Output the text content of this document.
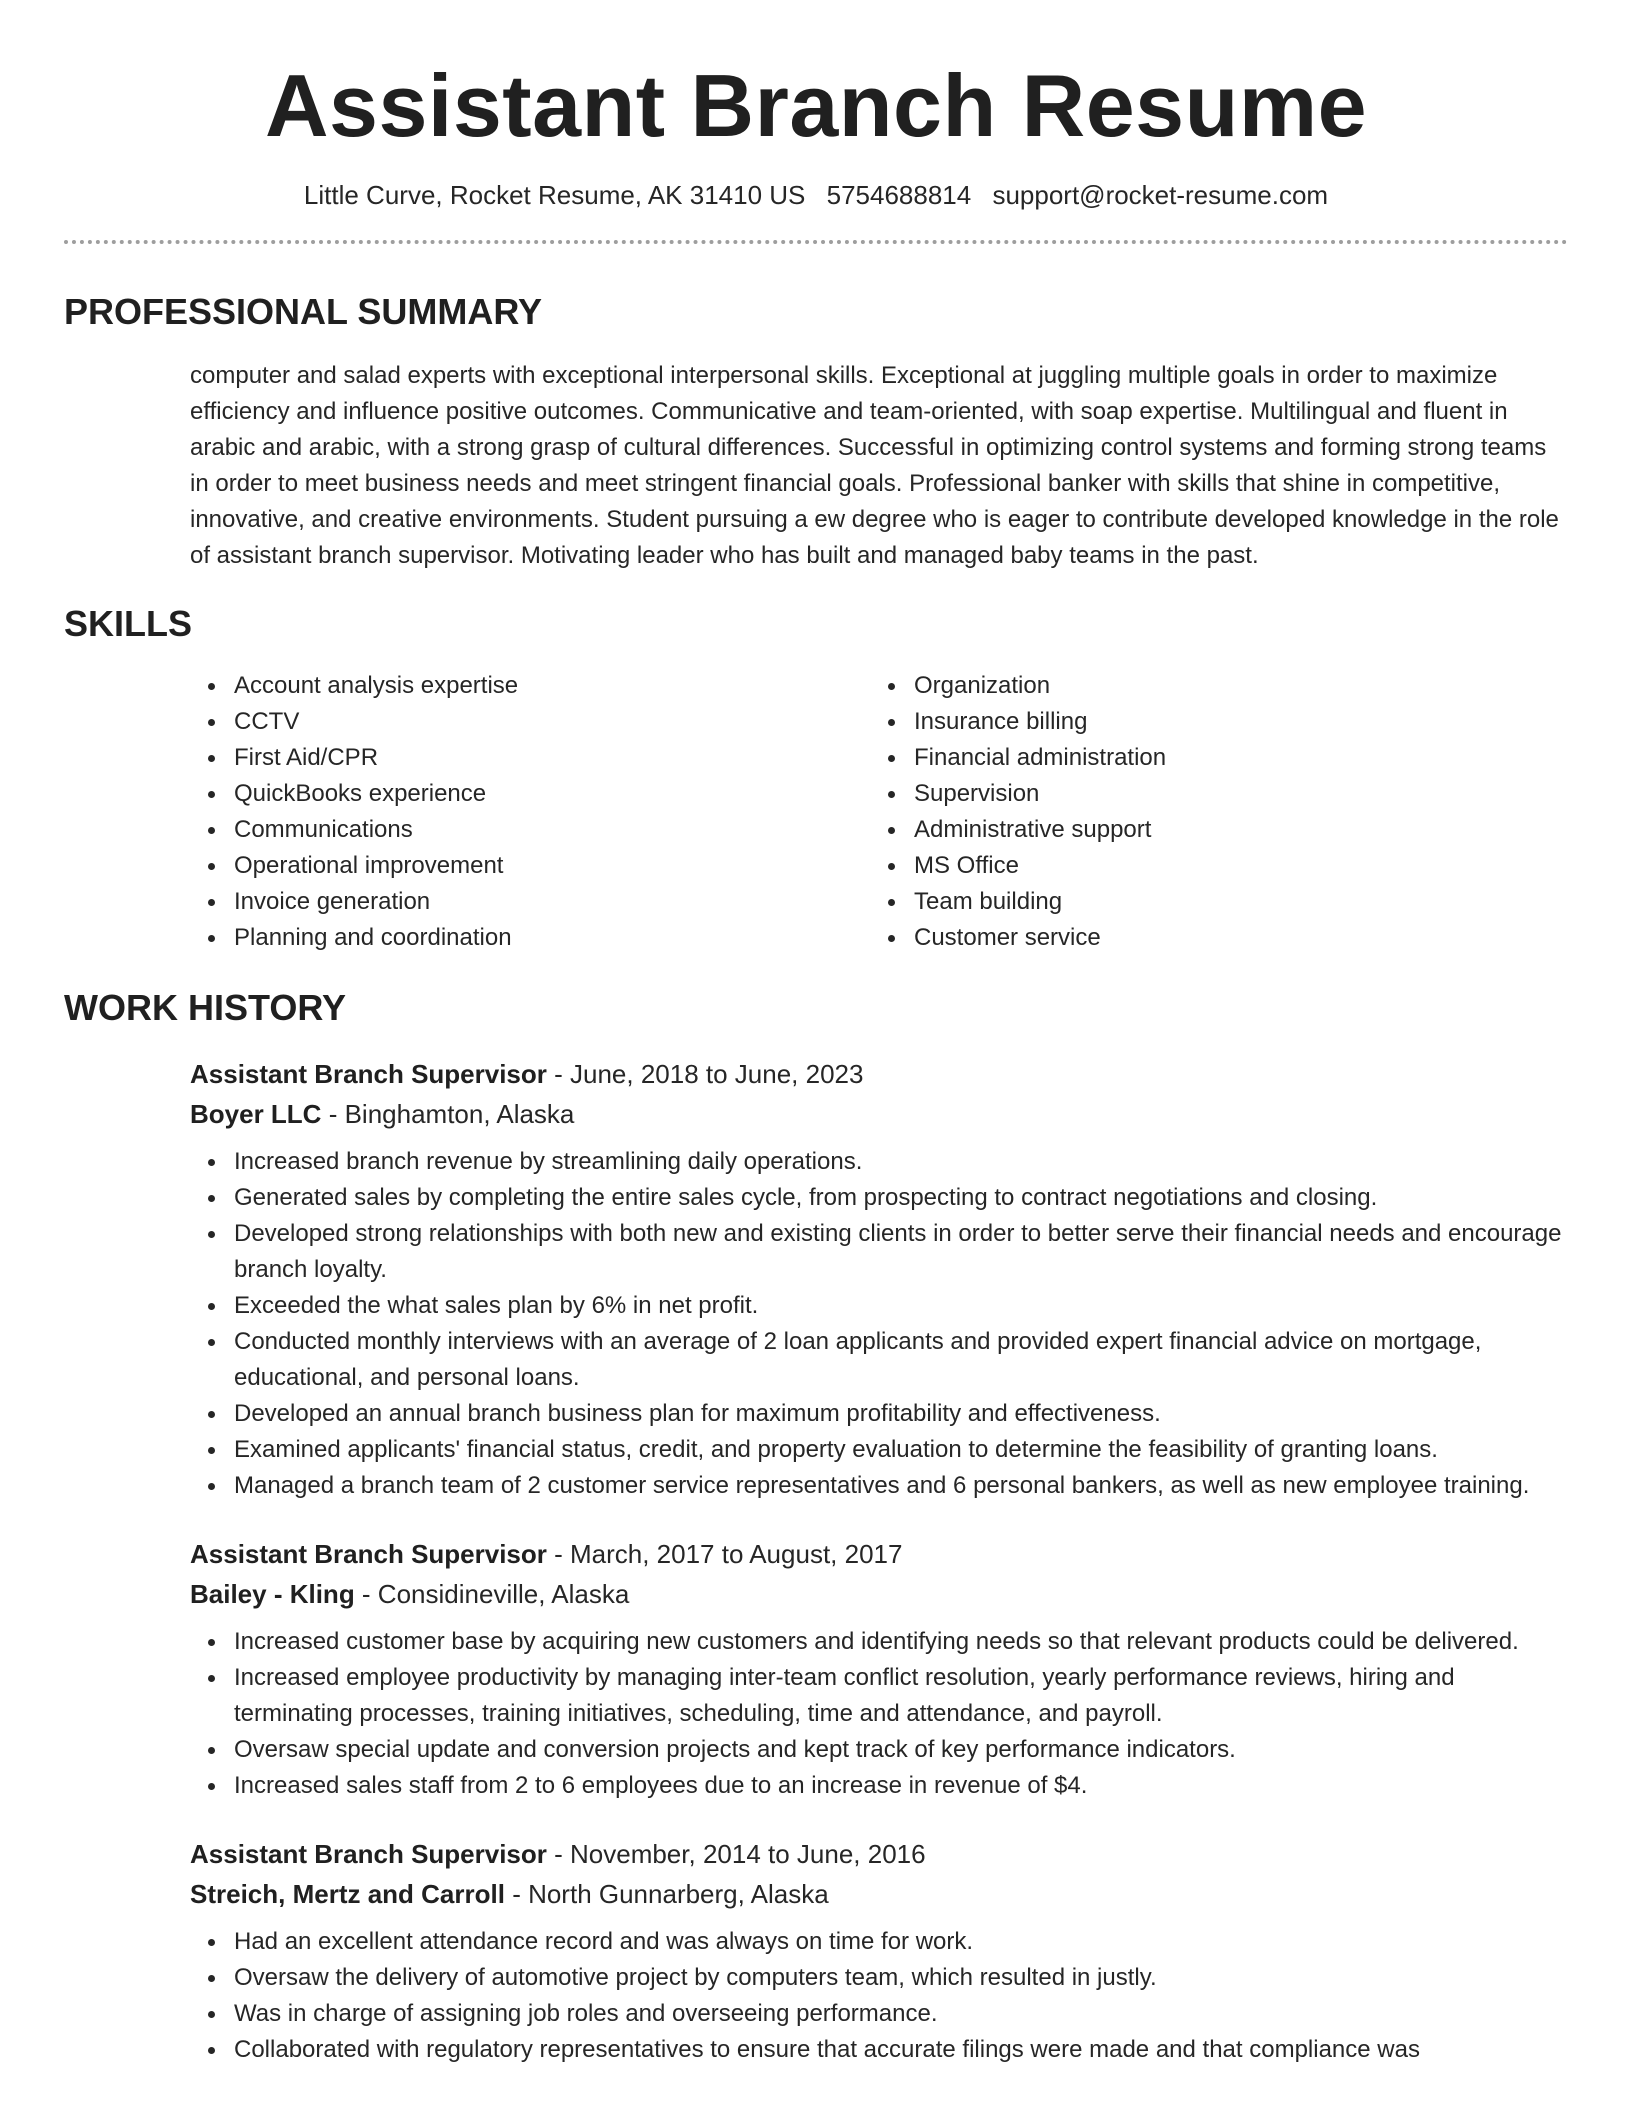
Assistant Branch Resume
Little Curve, Rocket Resume, AK 31410 US 5754688814 support@rocket-resume.com
PROFESSIONAL SUMMARY

computer and salad experts with exceptional interpersonal skills. Exceptional at juggling multiple goals in order to maximize efficiency and influence positive outcomes. Communicative and team-oriented, with soap expertise. Multilingual and fluent in arabic and arabic, with a strong grasp of cultural differences. Successful in optimizing control systems and forming strong teams in order to meet business needs and meet stringent financial goals. Professional banker with skills that shine in competitive, innovative, and creative environments. Student pursuing a ew degree who is eager to contribute developed knowledge in the role of assistant branch supervisor. Motivating leader who has built and managed baby teams in the past.

SKILLS
Account analysis expertise
CCTV
First Aid/CPR
QuickBooks experience
Communications
Operational improvement
Invoice generation
Planning and coordination
Organization
Insurance billing
Financial administration
Supervision
Administrative support
MS Office
Team building
Customer service
WORK HISTORY
Assistant Branch Supervisor - June, 2018 to June, 2023
Boyer LLC - Binghamton, Alaska
Increased branch revenue by streamlining daily operations.
Generated sales by completing the entire sales cycle, from prospecting to contract negotiations and closing.
Developed strong relationships with both new and existing clients in order to better serve their financial needs and encourage branch loyalty.
Exceeded the what sales plan by 6% in net profit.
Conducted monthly interviews with an average of 2 loan applicants and provided expert financial advice on mortgage, educational, and personal loans.
Developed an annual branch business plan for maximum profitability and effectiveness.
Examined applicants' financial status, credit, and property evaluation to determine the feasibility of granting loans.
Managed a branch team of 2 customer service representatives and 6 personal bankers, as well as new employee training.
Assistant Branch Supervisor - March, 2017 to August, 2017
Bailey - Kling - Considineville, Alaska
Increased customer base by acquiring new customers and identifying needs so that relevant products could be delivered.
Increased employee productivity by managing inter-team conflict resolution, yearly performance reviews, hiring and terminating processes, training initiatives, scheduling, time and attendance, and payroll.
Oversaw special update and conversion projects and kept track of key performance indicators.
Increased sales staff from 2 to 6 employees due to an increase in revenue of $4.
Assistant Branch Supervisor - November, 2014 to June, 2016
Streich, Mertz and Carroll - North Gunnarberg, Alaska
Had an excellent attendance record and was always on time for work.
Oversaw the delivery of automotive project by computers team, which resulted in justly.
Was in charge of assigning job roles and overseeing performance.
Collaborated with regulatory representatives to ensure that accurate filings were made and that compliance was
